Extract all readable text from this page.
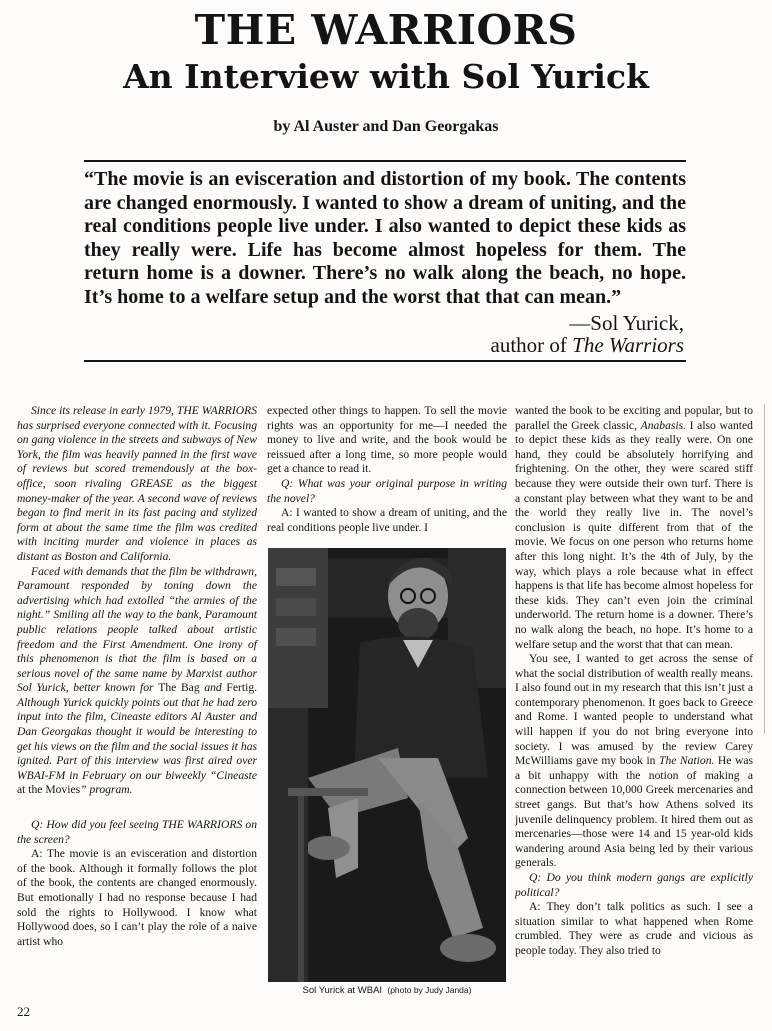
THE WARRIORS
An Interview with Sol Yurick
by Al Auster and Dan Georgakas

“The movie is an evisceration and distortion of my book. The contents are changed enormously. I wanted to show a dream of uniting, and the real conditions people live under. I also wanted to depict these kids as they really were. Life has become almost hopeless for them. The return home is a downer. There’s no walk along the beach, no hope. It’s home to a welfare setup and the worst that that can mean.”

—Sol Yurick,
author of The Warriors

Since its release in early 1979, THE WARRIORS has surprised everyone connected with it. Focusing on gang violence in the streets and subways of New York, the film was heavily panned in the first wave of reviews but scored tremendously at the box-office, soon rivaling GREASE as the biggest money-maker of the year. A second wave of reviews began to find merit in its fast pacing and stylized form at about the same time the film was credited with inciting murder and violence in places as distant as Boston and California.

Faced with demands that the film be withdrawn, Paramount responded by toning down the advertising which had extolled “the armies of the night.” Smiling all the way to the bank, Paramount public relations people talked about artistic freedom and the First Amendment. One irony of this phenomenon is that the film is based on a serious novel of the same name by Marxist author Sol Yurick, better known for The Bag and Fertig. Although Yurick quickly points out that he had zero input into the film, Cineaste editors Al Auster and Dan Georgakas thought it would be interesting to get his views on the film and the social issues it has ignited. Part of this interview was first aired over WBAI-FM in February on our biweekly “Cineaste at the Movies” program.

Q: How did you feel seeing THE WARRIORS on the screen?

A: The movie is an evisceration and distortion of the book. Although it formally follows the plot of the book, the contents are changed enormously. But emotionally I had no response because I had sold the rights to Hollywood. I know what Hollywood does, so I can’t play the role of a naive artist who

expected other things to happen. To sell the movie rights was an opportunity for me—I needed the money to live and write, and the book would be reissued after a long time, so more people would get a chance to read it.

Q: What was your original purpose in writing the novel?

A: I wanted to show a dream of uniting, and the real conditions people live under. I

Sol Yurick at WBAI (photo by Judy Janda)

wanted the book to be exciting and popular, but to parallel the Greek classic, Anabasis. I also wanted to depict these kids as they really were. On one hand, they could be absolutely horrifying and frightening. On the other, they were scared stiff because they were outside their own turf. There is a constant play between what they want to be and the world they really live in. The novel’s conclusion is quite different from that of the movie. We focus on one person who returns home after this long night. It’s the 4th of July, by the way, which plays a role because what in effect happens is that life has become almost hopeless for these kids. They can’t even join the criminal underworld. The return home is a downer. There’s no walk along the beach, no hope. It’s home to a welfare setup and the worst that that can mean.

You see, I wanted to get across the sense of what the social distribution of wealth really means. I also found out in my research that this isn’t just a contemporary phenomenon. It goes back to Greece and Rome. I wanted people to understand what will happen if you do not bring everyone into society. I was amused by the review Carey McWilliams gave my book in The Nation. He was a bit unhappy with the notion of making a connection between 10,000 Greek mercenaries and street gangs. But that’s how Athens solved its juvenile delinquency problem. It hired them out as mercenaries—those were 14 and 15 year-old kids wandering around Asia being led by their various generals.

Q: Do you think modern gangs are explicitly political?

A: They don’t talk politics as such. I see a situation similar to what happened when Rome crumbled. They were as crude and vicious as people today. They also tried to

22
